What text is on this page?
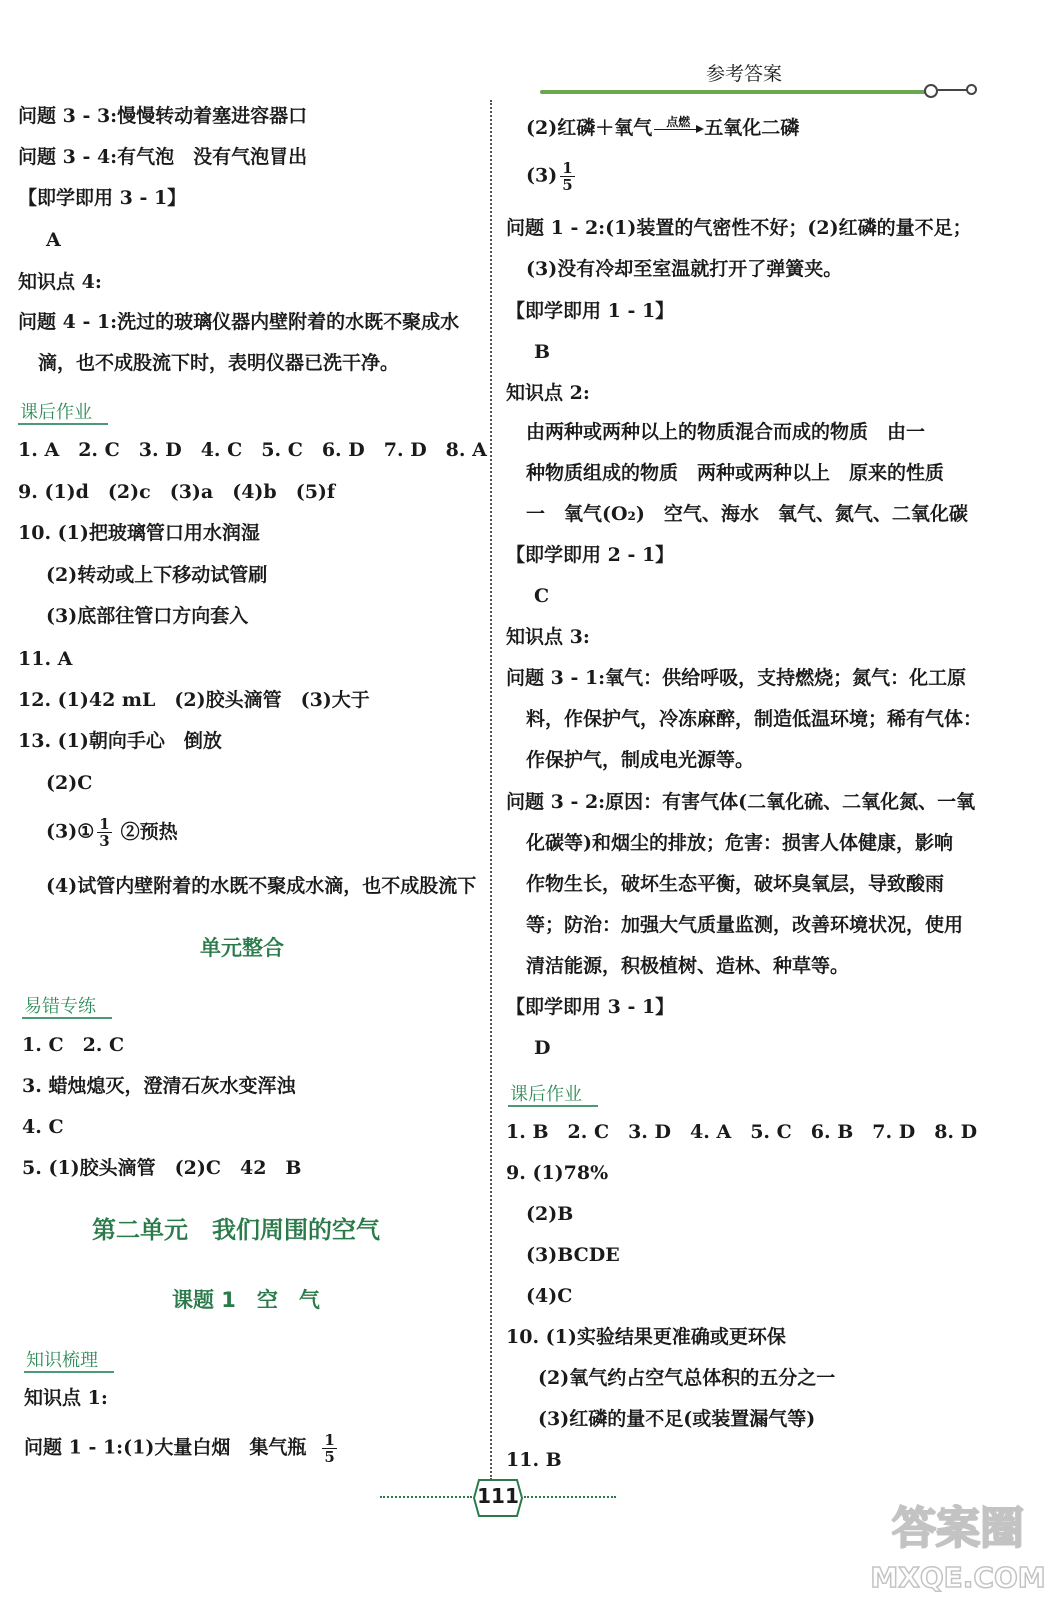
参考答案
问题 3 - 3:慢慢转动着塞进容器口
问题 3 - 4:有气泡　没有气泡冒出
【即学即用 3 - 1】
A
知识点 4:
问题 4 - 1:洗过的玻璃仪器内壁附着的水既不聚成水
滴，也不成股流下时，表明仪器已洗干净。
课后作业
1. A　2. C　3. D　4. C　5. C　6. D　7. D　8. A
9. (1)d　(2)c　(3)a　(4)b　(5)f
10. (1)把玻璃管口用水润湿
(2)转动或上下移动试管刷
(3)底部往管口方向套入
11. A
12. (1)42 mL　(2)胶头滴管　(3)大于
13. (1)朝向手心　倒放
(2)C
(3)① $\frac{1}{3}$ ②预热
(4)试管内壁附着的水既不聚成水滴，也不成股流下
单元整合
易错专练
1. C　2. C
3. 蜡烛熄灭，澄清石灰水变浑浊
4. C
5. (1)胶头滴管　(2)C　42　B
第二单元　我们周围的空气
课题 1　空　气
知识梳理
知识点 1:
问题 1 - 1:(1)大量白烟　集气瓶 $\frac{1}{5}$
(2)红磷＋氧气	点燃 五氧化二磷
$(3) \frac{1}{5}$
问题 1 - 2:(1)装置的气密性不好；(2)红磷的量不足；
(3)没有冷却至室温就打开了弹簧夹。
【即学即用 1 - 1】
B
知识点 2:
由两种或两种以上的物质混合而成的物质　由一
种物质组成的物质　两种或两种以上　原来的性质
一　氧气(O₂)　空气、海水　氧气、氮气、二氧化碳
【即学即用 2 - 1】
C
知识点 3:
问题 3 - 1:氧气：供给呼吸，支持燃烧；氮气：化工原
料，作保护气，冷冻麻醉，制造低温环境；稀有气体：
作保护气，制成电光源等。
问题 3 - 2:原因：有害气体(二氧化硫、二氧化氮、一氧
化碳等)和烟尘的排放；危害：损害人体健康，影响
作物生长，破坏生态平衡，破坏臭氧层，导致酸雨
等；防治：加强大气质量监测，改善环境状况，使用
清洁能源，积极植树、造林、种草等。
【即学即用 3 - 1】
D
课后作业
1. B　2. C　3. D　4. A　5. C　6. B　7. D　8. D
9. (1)78%
(2)B
(3)BCDE
(4)C
10. (1)实验结果更准确或更环保
(2)氧气约占空气总体积的五分之一
(3)红磷的量不足(或装置漏气等)
11. B
111
答案圈
MXQE.COM
